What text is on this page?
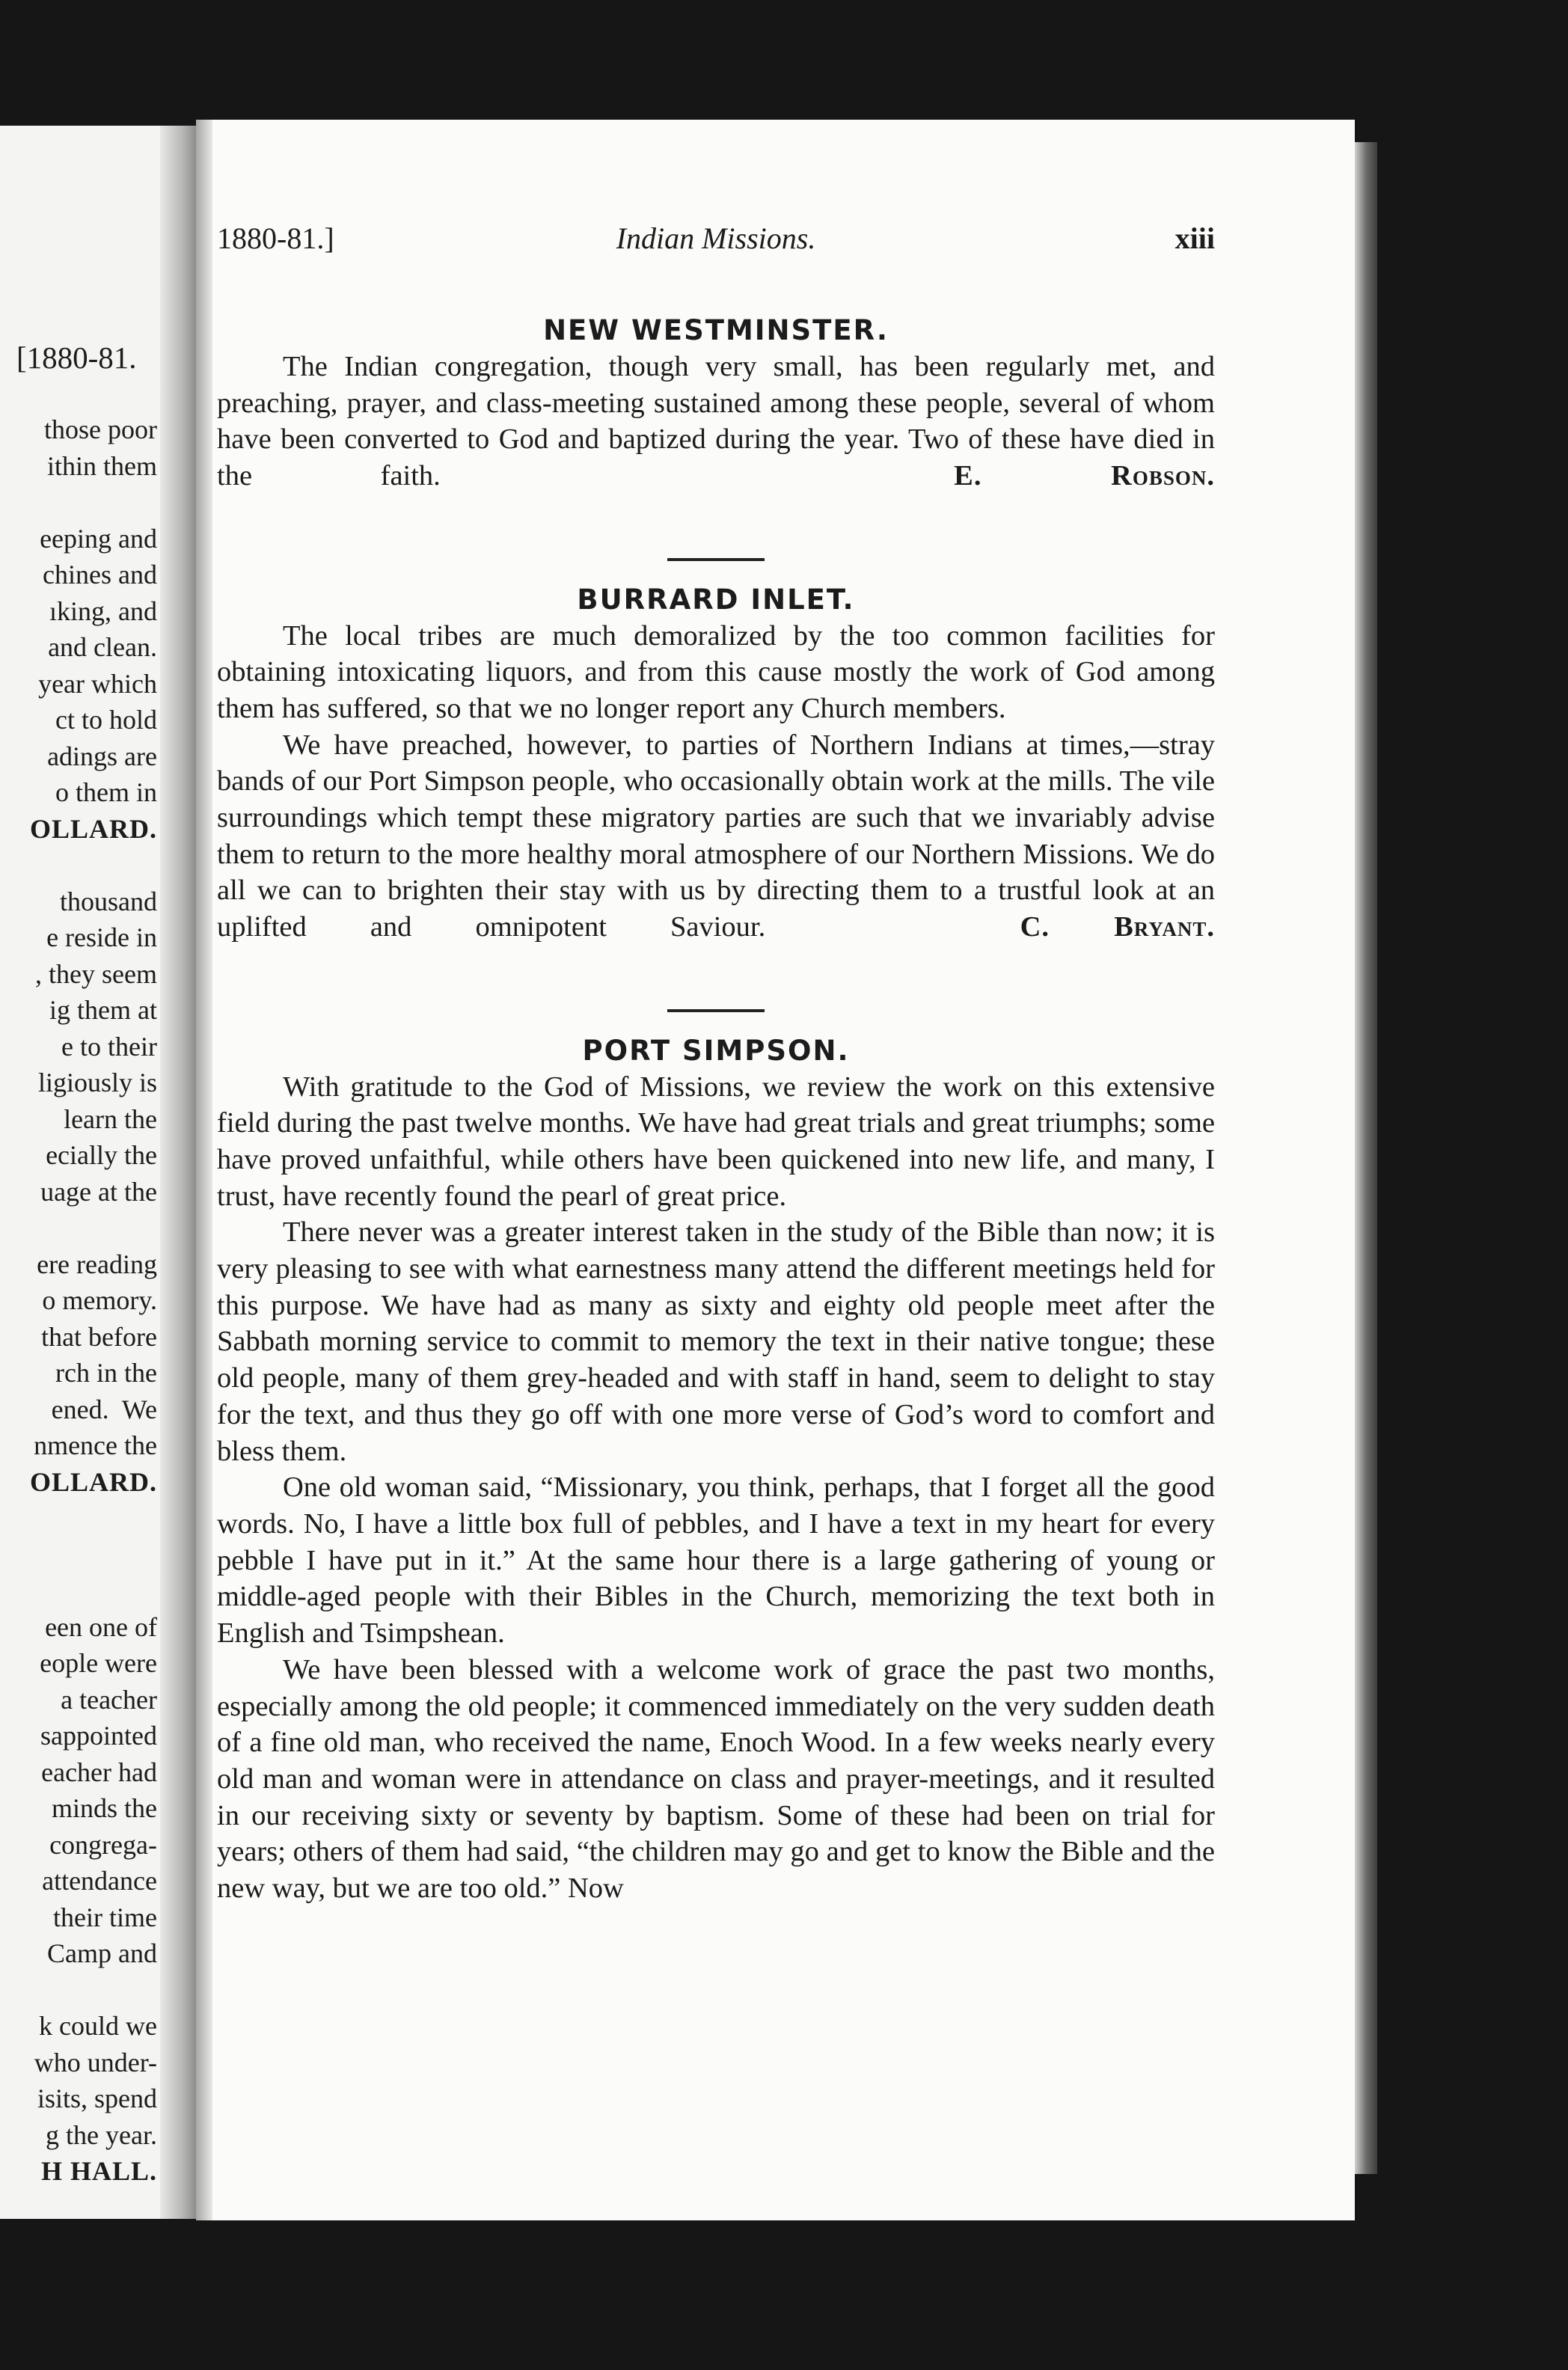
[1880-81.
those poor
ithin them
eeping and
chines and
ıking, and
and clean.
year which
ct to hold
adings are
o them in
OLLARD.
thousand
e reside in
, they seem
ig them at
e to their
ligiously is
learn the
ecially the
uage at the
ere reading
o memory.
that before
rch in the
ened.  We
nmence the
OLLARD.
een one of
eople were
a teacher
sappointed
eacher had
minds the
congrega-
attendance
their time
Camp and
k could we
who under-
isits, spend
g the year.
H HALL.
1880-81.]	Indian Missions.	xiii
NEW WESTMINSTER.

The Indian congregation, though very small, has been regularly met, and preaching, prayer, and class-meeting sustained among these people, several of whom have been converted to God and baptized during the year. Two of these have died in the faith.	E. Robson.

BURRARD INLET.

The local tribes are much demoralized by the too common facilities for obtaining intoxicating liquors, and from this cause mostly the work of God among them has suffered, so that we no longer report any Church members.

We have preached, however, to parties of Northern Indians at times,—stray bands of our Port Simpson people, who occasionally obtain work at the mills. The vile surroundings which tempt these migratory parties are such that we invariably advise them to return to the more healthy moral atmosphere of our Northern Missions. We do all we can to brighten their stay with us by directing them to a trustful look at an uplifted and omnipotent Saviour.	C. Bryant.

PORT SIMPSON.

With gratitude to the God of Missions, we review the work on this extensive field during the past twelve months. We have had great trials and great triumphs; some have proved unfaithful, while others have been quickened into new life, and many, I trust, have recently found the pearl of great price.

There never was a greater interest taken in the study of the Bible than now; it is very pleasing to see with what earnestness many attend the different meetings held for this purpose. We have had as many as sixty and eighty old people meet after the Sabbath morning service to commit to memory the text in their native tongue; these old people, many of them grey-headed and with staff in hand, seem to delight to stay for the text, and thus they go off with one more verse of God’s word to comfort and bless them.

One old woman said, “Missionary, you think, perhaps, that I forget all the good words. No, I have a little box full of pebbles, and I have a text in my heart for every pebble I have put in it.” At the same hour there is a large gathering of young or middle-aged people with their Bibles in the Church, memorizing the text both in English and Tsimpshean.

We have been blessed with a welcome work of grace the past two months, especially among the old people; it commenced immediately on the very sudden death of a fine old man, who received the name, Enoch Wood. In a few weeks nearly every old man and woman were in attendance on class and prayer-meetings, and it resulted in our receiving sixty or seventy by baptism. Some of these had been on trial for years; others of them had said, “the children may go and get to know the Bible and the new way, but we are too old.” Now
